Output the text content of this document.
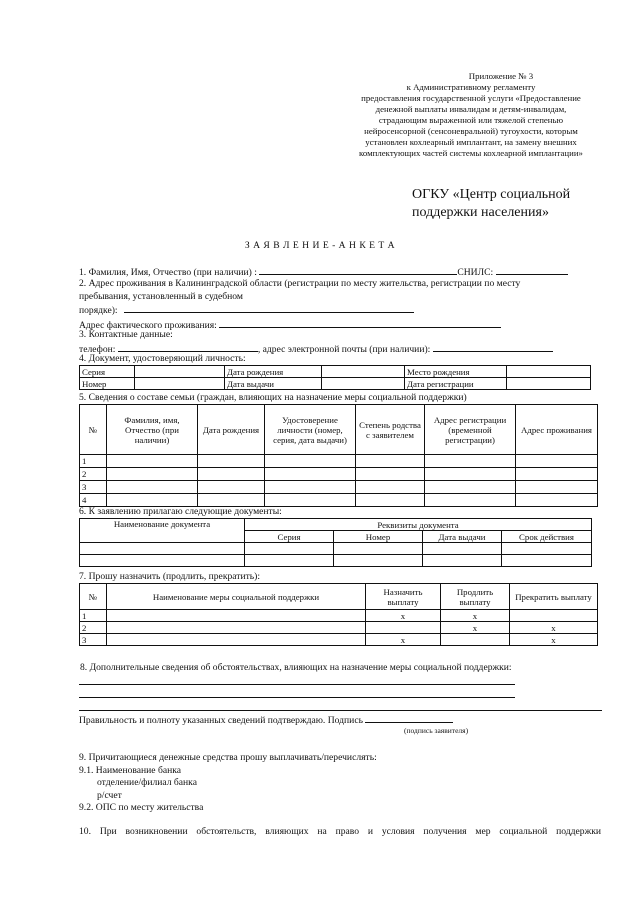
Приложение № 3
к Административному регламенту
предоставления государственной услуги «Предоставление
денежной выплаты инвалидам и детям-инвалидам,
страдающим выраженной или тяжелой степенью
нейросенсорной (сенсоневральной) тугоухости, которым
установлен кохлеарный имплантант, на замену внешних
комплектующих частей системы кохлеарной имплантации»
ОГКУ «Центр социальной
поддержки населения»
З А Я В Л Е Н И Е - А Н К Е Т А
1. Фамилия, Имя, Отчество (при наличии) :	СНИЛС:
2. Адрес проживания в Калининградской области (регистрации по месту жительства, регистрации по месту
пребывания, установленный в судебном
порядке):
Адрес фактического проживания:
3. Контактные данные:
телефон:	, адрес электронной почты (при наличии):
4. Документ, удостоверяющий личность:
Серия		Дата рождения		Место рождения	
Номер		Дата выдачи		Дата регистрации	
5. Сведения о составе семьи (граждан, влияющих на назначение меры социальной поддержки)
№	Фамилия, имя, Отчество (при наличии)	Дата рождения	Удостоверение личности (номер, серия, дата выдачи)	Степень родства с заявителем	Адрес регистрации (временной регистрации)	Адрес проживания
1						
2						
3						
4						
6. К заявлению прилагаю следующие документы:
Наименование документа	Реквизиты документа			
	Серия	Номер	Дата выдачи	Срок действия

7. Прошу назначить (продлить, прекратить):
№	Наименование меры социальной поддержки	Назначить выплату	Продлить выплату	Прекратить выплату
1		x	x	
2			x	x
3		x		x
8. Дополнительные сведения об обстоятельствах, влияющих на назначение меры социальной поддержки:
Правильность и полноту указанных сведений подтверждаю. Подпись
(подпись заявителя)
9. Причитающиеся денежные средства прошу выплачивать/перечислять:
9.1. Наименование банка
отделение/филиал банка
р/счет
9.2. ОПС по месту жительства
10. При возникновении обстоятельств, влияющих на право и условия получения мер социальной поддержки
